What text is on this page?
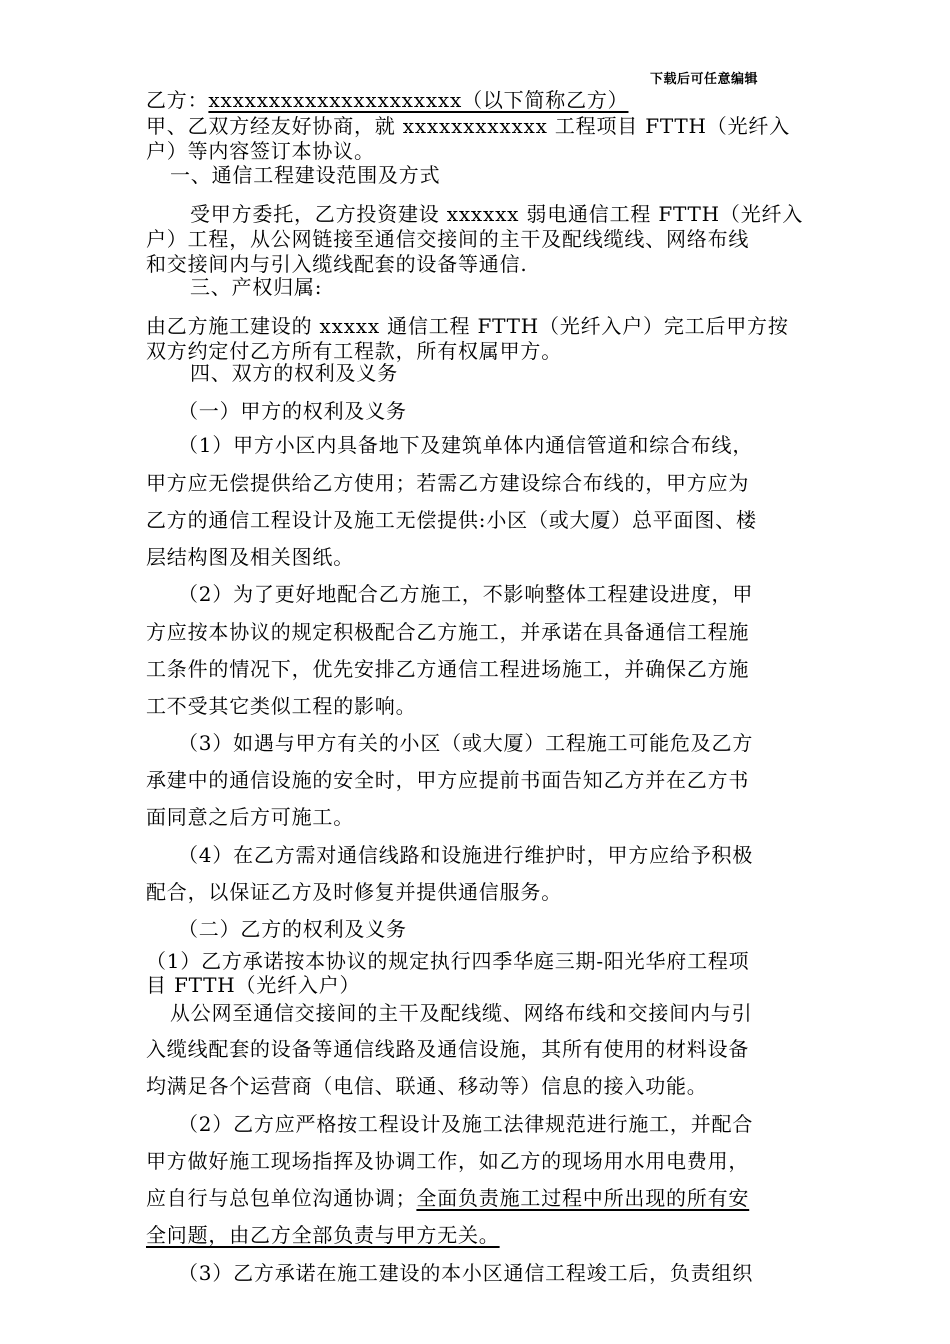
下载后可任意编辑
乙方：xxxxxxxxxxxxxxxxxxxxx（以下简称乙方）
甲、乙双方经友好协商，就 xxxxxxxxxxxx 工程项目 FTTH（光纤入
户）等内容签订本协议。
一、通信工程建设范围及方式
受甲方委托，乙方投资建设 xxxxxx 弱电通信工程 FTTH（光纤入
户）工程，从公网链接至通信交接间的主干及配线缆线、网络布线
和交接间内与引入缆线配套的设备等通信.
三、产权归属:
由乙方施工建设的 xxxxx 通信工程 FTTH（光纤入户）完工后甲方按
双方约定付乙方所有工程款，所有权属甲方。
四、双方的权利及义务
（一）甲方的权利及义务
（1）甲方小区内具备地下及建筑单体内通信管道和综合布线，
甲方应无偿提供给乙方使用；若需乙方建设综合布线的，甲方应为
乙方的通信工程设计及施工无偿提供:小区（或大厦）总平面图、楼
层结构图及相关图纸。
（2）为了更好地配合乙方施工，不影响整体工程建设进度，甲
方应按本协议的规定积极配合乙方施工，并承诺在具备通信工程施
工条件的情况下，优先安排乙方通信工程进场施工，并确保乙方施
工不受其它类似工程的影响。
（3）如遇与甲方有关的小区（或大厦）工程施工可能危及乙方
承建中的通信设施的安全时，甲方应提前书面告知乙方并在乙方书
面同意之后方可施工。
（4）在乙方需对通信线路和设施进行维护时，甲方应给予积极
配合，以保证乙方及时修复并提供通信服务。
（二）乙方的权利及义务
（1）乙方承诺按本协议的规定执行四季华庭三期-阳光华府工程项
目 FTTH（光纤入户）
从公网至通信交接间的主干及配线缆、网络布线和交接间内与引
入缆线配套的设备等通信线路及通信设施，其所有使用的材料设备
均满足各个运营商（电信、联通、移动等）信息的接入功能。
（2）乙方应严格按工程设计及施工法律规范进行施工，并配合
甲方做好施工现场指挥及协调工作，如乙方的现场用水用电费用，
应自行与总包单位沟通协调；全面负责施工过程中所出现的所有安
全问题，由乙方全部负责与甲方无关。
（3）乙方承诺在施工建设的本小区通信工程竣工后，负责组织
